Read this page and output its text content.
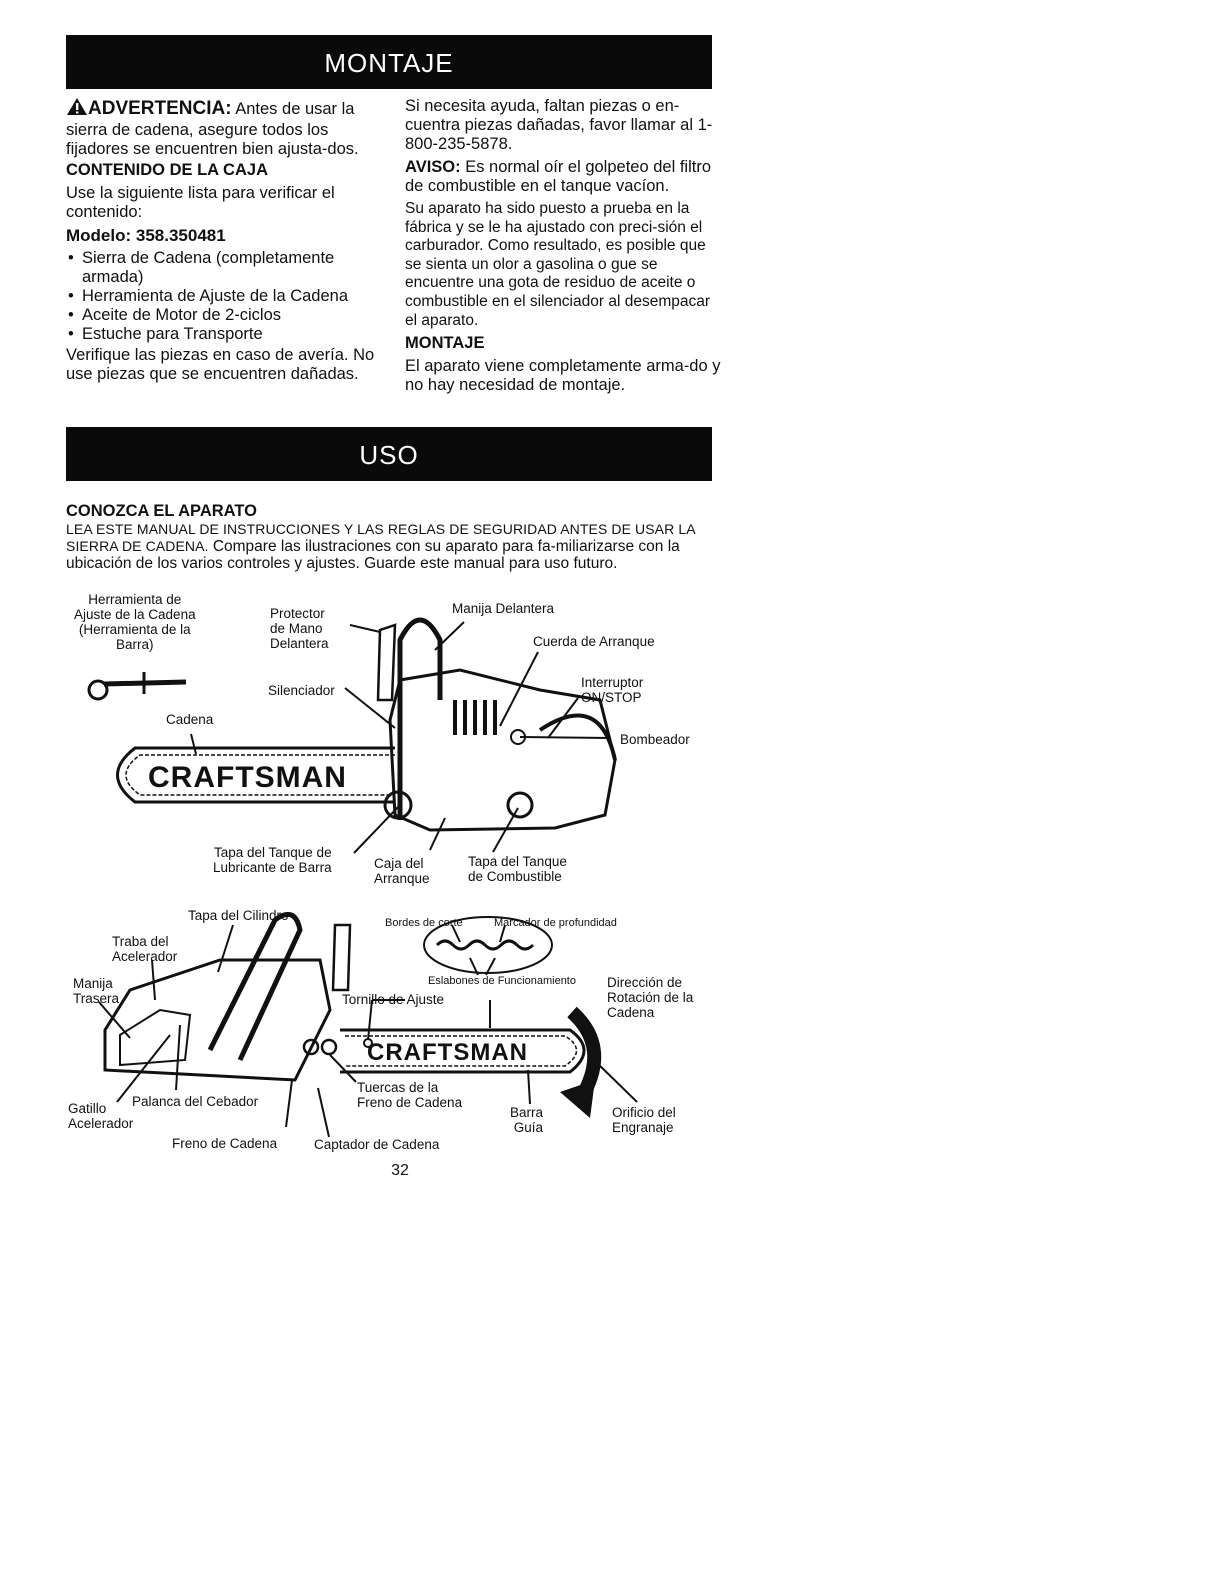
MONTAJE

ADVERTENCIA: Antes de usar la sierra de cadena, asegure todos los fijadores se encuentren bien ajusta-dos.

CONTENIDO DE LA CAJA

Use la siguiente lista para verificar el contenido:

Modelo: 358.350481

• Sierra de Cadena (completamente armada)
• Herramienta de Ajuste de la Cadena
• Aceite de Motor de 2-ciclos
• Estuche para Transporte

Verifique las piezas en caso de avería. No use piezas que se encuentren dañadas.

Si necesita ayuda, faltan piezas o en-cuentra piezas dañadas, favor llamar al 1-800-235-5878.

AVISO: Es normal oír el golpeteo del filtro de combustible en el tanque vacíon.

Su aparato ha sido puesto a prueba en la fábrica y se le ha ajustado con preci-sión el carburador. Como resultado, es posible que se sienta un olor a gasolina o gue se encuentre una gota de residuo de aceite o combustible en el silenciador al desempacar el aparato.

MONTAJE

El aparato viene completamente arma-do y no hay necesidad de montaje.

USO
CONOZCA EL APARATO
LEA ESTE MANUAL DE INSTRUCCIONES Y LAS REGLAS DE SEGURIDAD ANTES DE USAR LA SIERRA DE CADENA. Compare las ilustraciones con su aparato para fa-miliarizarse con la ubicación de los varios controles y ajustes. Guarde este manual para uso futuro.
CRAFTSMAN
CRAFTSMAN
Herramienta de
Ajuste de la Cadena
(Herramienta de la
Barra)
Protector
de Mano
Delantera
Manija Delantera
Cuerda de Arranque
Interruptor
ON/STOP
Bombeador
Silenciador
Cadena
Tapa del Tanque de
Lubricante de Barra	Caja del
Arranque
Tapa del Tanque
de Combustible
Tapa del Cilindro
Traba del
Acelerador
Manija
Trasera
Bordes de corte	Marcador de profundidad
Eslabones de Funcionamiento
Tornillo de Ajuste
Dirección de
Rotación de la
Cadena
Gatillo
Acelerador
Palanca del Cebador
Tuercas de la
Freno de Cadena
Barra
Guía
Orificio del
Engranaje
Freno de Cadena	Captador de Cadena
32
